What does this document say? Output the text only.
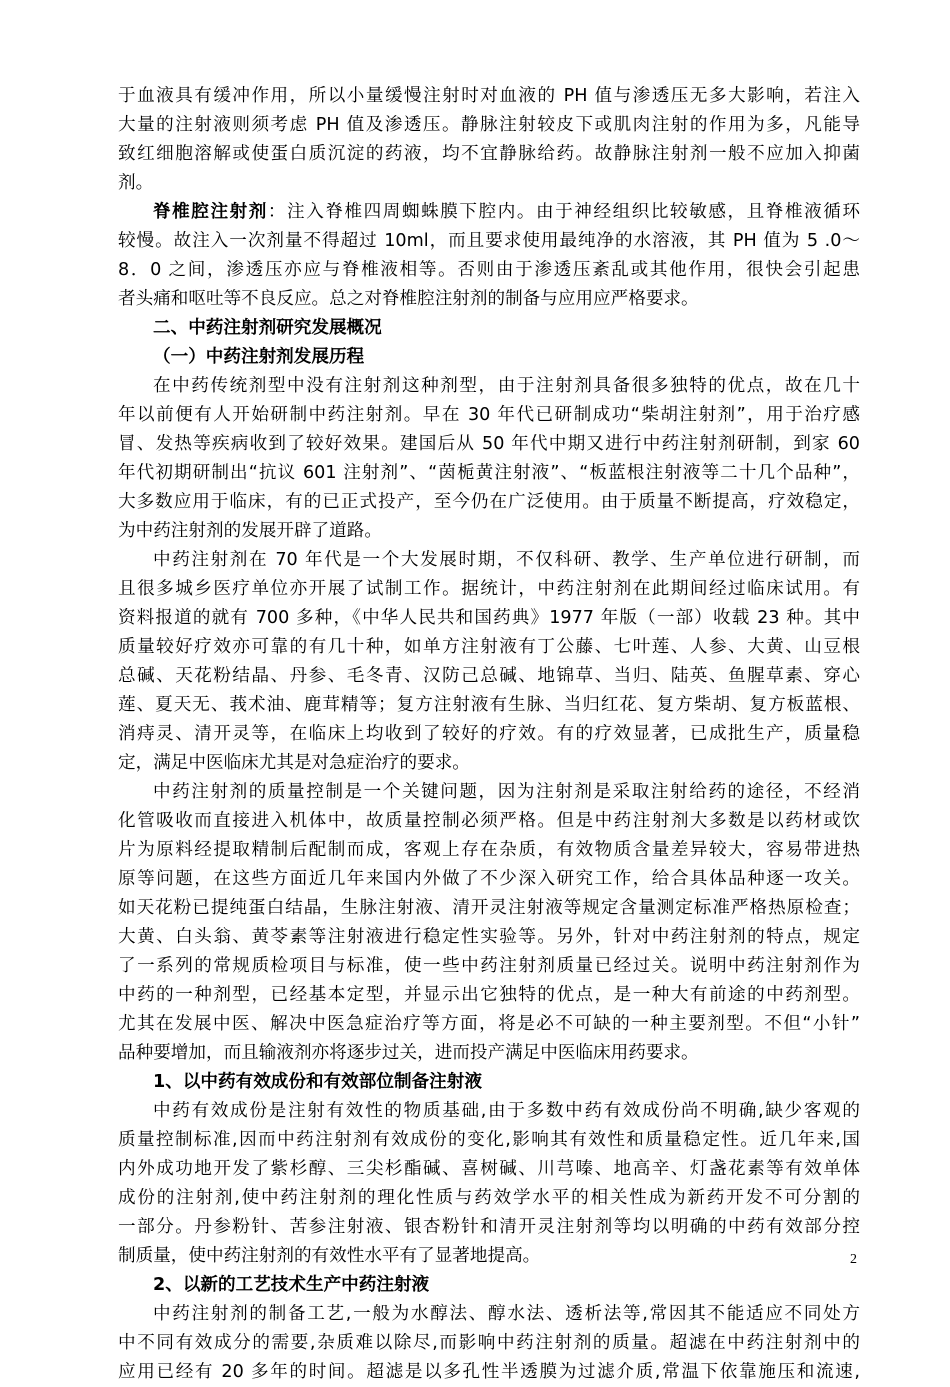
于血液具有缓冲作用，所以小量缓慢注射时对血液的 PH 值与渗透压无多大影响，若注入
大量的注射液则须考虑 PH 值及渗透压。静脉注射较皮下或肌肉注射的作用为多，凡能导
致红细胞溶解或使蛋白质沉淀的药液，均不宜静脉给药。故静脉注射剂一般不应加入抑菌
剂。
脊椎腔注射剂：注入脊椎四周蜘蛛膜下腔内。由于神经组织比较敏感，且脊椎液循环
较慢。故注入一次剂量不得超过 10ml，而且要求使用最纯净的水溶液，其 PH 值为 5 .0～
8．0 之间，渗透压亦应与脊椎液相等。否则由于渗透压紊乱或其他作用，很快会引起患
者头痛和呕吐等不良反应。总之对脊椎腔注射剂的制备与应用应严格要求。
二、中药注射剂研究发展概况
（一）中药注射剂发展历程
在中药传统剂型中没有注射剂这种剂型，由于注射剂具备很多独特的优点，故在几十
年以前便有人开始研制中药注射剂。早在 30 年代已研制成功“柴胡注射剂”，用于治疗感
冒、发热等疾病收到了较好效果。建国后从 50 年代中期又进行中药注射剂研制，到家 60
年代初期研制出“抗议 601 注射剂”、“茵栀黄注射液”、“板蓝根注射液等二十几个品种”，
大多数应用于临床，有的已正式投产，至今仍在广泛使用。由于质量不断提高，疗效稳定，
为中药注射剂的发展开辟了道路。
中药注射剂在 70 年代是一个大发展时期，不仅科研、教学、生产单位进行研制，而
且很多城乡医疗单位亦开展了试制工作。据统计，中药注射剂在此期间经过临床试用。有
资料报道的就有 700 多种，《中华人民共和国药典》1977 年版（一部）收载 23 种。其中
质量较好疗效亦可靠的有几十种，如单方注射液有丁公藤、七叶莲、人参、大黄、山豆根
总碱、天花粉结晶、丹参、毛冬青、汉防己总碱、地锦草、当归、陆英、鱼腥草素、穿心
莲、夏天无、莪术油、鹿茸精等；复方注射液有生脉、当归红花、复方柴胡、复方板蓝根、
消痔灵、清开灵等，在临床上均收到了较好的疗效。有的疗效显著，已成批生产，质量稳
定，满足中医临床尤其是对急症治疗的要求。
中药注射剂的质量控制是一个关键问题，因为注射剂是采取注射给药的途径，不经消
化管吸收而直接进入机体中，故质量控制必须严格。但是中药注射剂大多数是以药材或饮
片为原料经提取精制后配制而成，客观上存在杂质，有效物质含量差异较大，容易带进热
原等问题，在这些方面近几年来国内外做了不少深入研究工作，给合具体品种逐一攻关。
如天花粉已提纯蛋白结晶，生脉注射液、清开灵注射液等规定含量测定标准严格热原检查；
大黄、白头翁、黄苓素等注射液进行稳定性实验等。另外，针对中药注射剂的特点，规定
了一系列的常规质检项目与标准，使一些中药注射剂质量已经过关。说明中药注射剂作为
中药的一种剂型，已经基本定型，并显示出它独特的优点，是一种大有前途的中药剂型。
尤其在发展中医、解决中医急症治疗等方面，将是必不可缺的一种主要剂型。不但“小针”
品种要增加，而且输液剂亦将逐步过关，进而投产满足中医临床用药要求。
1、以中药有效成份和有效部位制备注射液
中药有效成份是注射有效性的物质基础,由于多数中药有效成份尚不明确,缺少客观的
质量控制标准,因而中药注射剂有效成份的变化,影响其有效性和质量稳定性。近几年来,国
内外成功地开发了紫杉醇、三尖杉酯碱、喜树碱、川芎嗪、地高辛、灯盏花素等有效单体
成份的注射剂,使中药注射剂的理化性质与药效学水平的相关性成为新药开发不可分割的
一部分。丹参粉针、苦参注射液、银杏粉针和清开灵注射剂等均以明确的中药有效部分控
制质量，使中药注射剂的有效性水平有了显著地提高。
2、以新的工艺技术生产中药注射液
中药注射剂的制备工艺,一般为水醇法、醇水法、透析法等,常因其不能适应不同处方
中不同有效成分的需要,杂质难以除尽,而影响中药注射剂的质量。超滤在中药注射剂中的
应用已经有 20 多年的时间。超滤是以多孔性半透膜为过滤介质,常温下依靠施压和流速,
2
